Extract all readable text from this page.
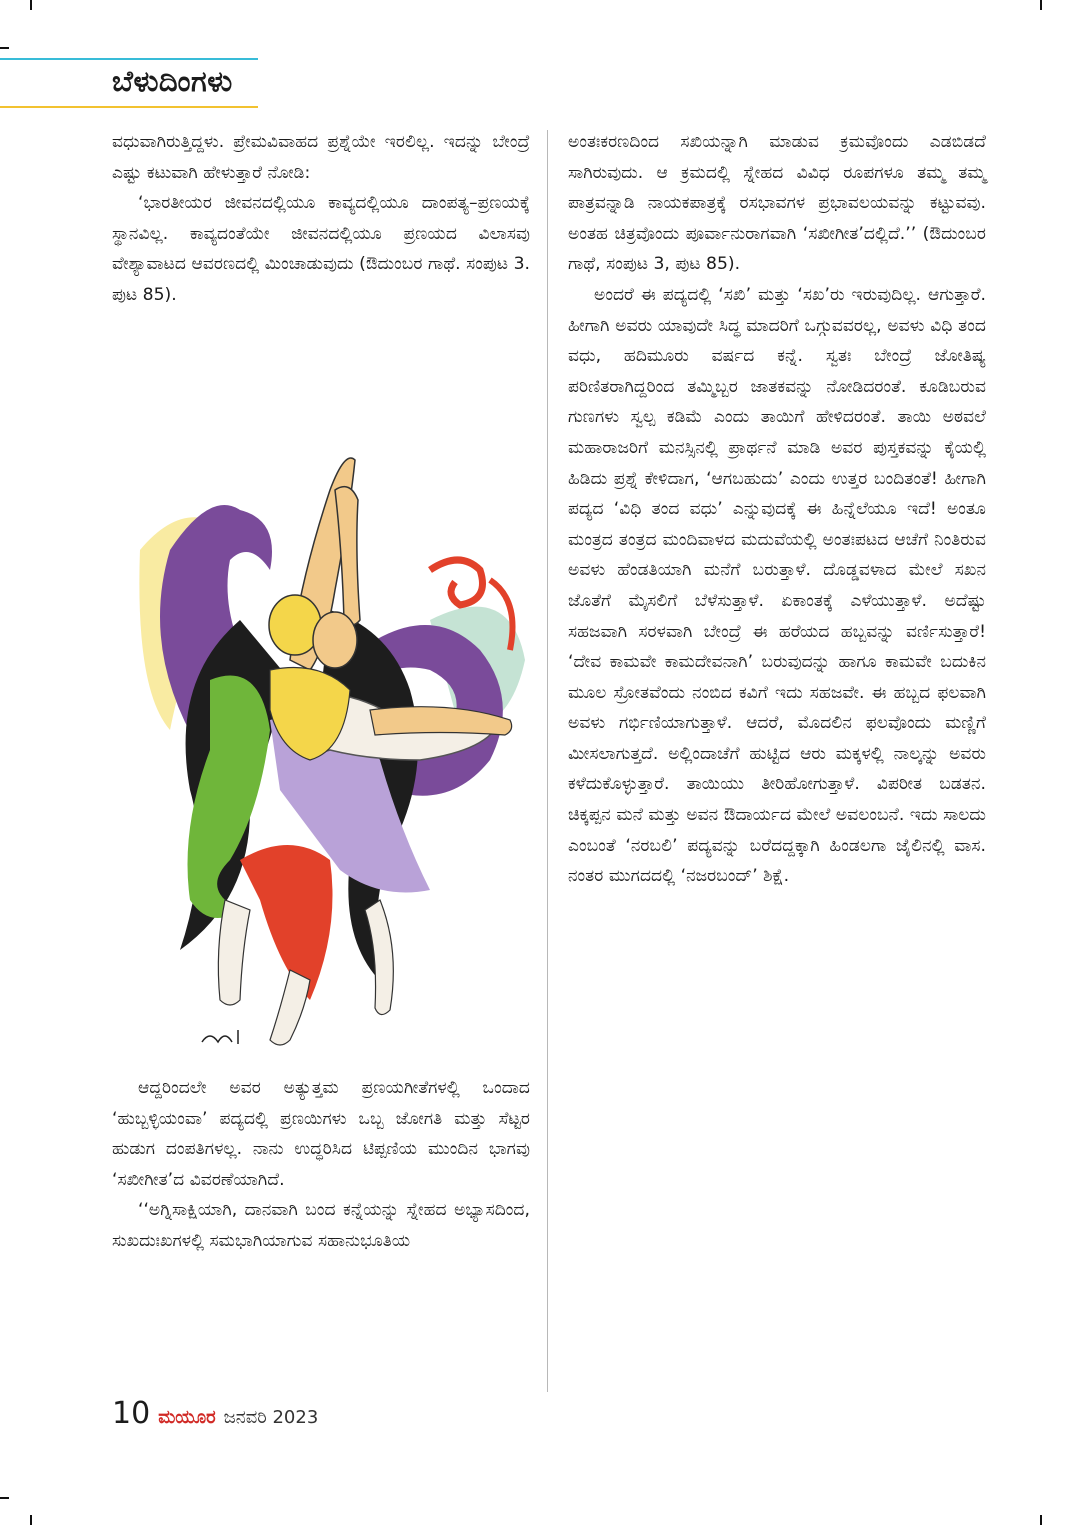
ಬೆಳುದಿಂಗಳು

ವಧುವಾಗಿರುತ್ತಿದ್ದಳು. ಪ್ರೇಮವಿವಾಹದ ಪ್ರಶ್ನೆಯೇ ಇರಲಿಲ್ಲ. ಇದನ್ನು ಬೇಂದ್ರೆ ಎಷ್ಟು ಕಟುವಾಗಿ ಹೇಳುತ್ತಾರೆ ನೋಡಿ:

‘ಭಾರತೀಯರ ಜೀವನದಲ್ಲಿಯೂ ಕಾವ್ಯದಲ್ಲಿಯೂ ದಾಂಪತ್ಯ–ಪ್ರಣಯಕ್ಕೆ ಸ್ಥಾನವಿಲ್ಲ. ಕಾವ್ಯದಂತೆಯೇ ಜೀವನದಲ್ಲಿಯೂ ಪ್ರಣಯದ ವಿಲಾಸವು ವೇಶ್ಯಾವಾಟದ ಆವರಣದಲ್ಲಿ ಮಿಂಚಾಡುವುದು (ಔದುಂಬರ ಗಾಥೆ. ಸಂಪುಟ 3. ಪುಟ 85).

ಆದ್ದರಿಂದಲೇ ಅವರ ಅತ್ಯುತ್ತಮ ಪ್ರಣಯಗೀತೆಗಳಲ್ಲಿ ಒಂದಾದ ‘ಹುಬ್ಬಳ್ಳಿಯಂವಾ’ ಪದ್ಯದಲ್ಲಿ ಪ್ರಣಯಿಗಳು ಒಬ್ಬ ಜೋಗತಿ ಮತ್ತು ಸೆಟ್ಟರ ಹುಡುಗ ದಂಪತಿಗಳಲ್ಲ. ನಾನು ಉದ್ಧರಿಸಿದ ಟಿಪ್ಪಣಿಯ ಮುಂದಿನ ಭಾಗವು ‘ಸಖೀಗೀತ’ದ ವಿವರಣೆಯಾಗಿದೆ.

‘‘ಅಗ್ನಿಸಾಕ್ಷಿಯಾಗಿ, ದಾನವಾಗಿ ಬಂದ ಕನ್ನೆಯನ್ನು ಸ್ನೇಹದ ಅಭ್ಯಾಸದಿಂದ, ಸುಖದುಃಖಗಳಲ್ಲಿ ಸಮಭಾಗಿಯಾಗುವ ಸಹಾನುಭೂತಿಯ

ಅಂತಃಕರಣದಿಂದ ಸಖಿಯನ್ನಾಗಿ ಮಾಡುವ ಕ್ರಮವೊಂದು ಎಡಬಿಡದೆ ಸಾಗಿರುವುದು. ಆ ಕ್ರಮದಲ್ಲಿ ಸ್ನೇಹದ ವಿವಿಧ ರೂಪಗಳೂ ತಮ್ಮ ತಮ್ಮ ಪಾತ್ರವನ್ನಾಡಿ ನಾಯಕಪಾತ್ರಕ್ಕೆ ರಸಭಾವಗಳ ಪ್ರಭಾವಲಯವನ್ನು ಕಟ್ಟುವವು. ಅಂತಹ ಚಿತ್ರವೊಂದು ಪೂರ್ವಾನುರಾಗವಾಗಿ ‘ಸಖೀಗೀತ’ದಲ್ಲಿದೆ.’’ (ಔದುಂಬರ ಗಾಥೆ, ಸಂಪುಟ 3, ಪುಟ 85).

ಅಂದರೆ ಈ ಪದ್ಯದಲ್ಲಿ ‘ಸಖಿ’ ಮತ್ತು ‘ಸಖ’ರು ಇರುವುದಿಲ್ಲ. ಆಗುತ್ತಾರೆ. ಹೀಗಾಗಿ ಅವರು ಯಾವುದೇ ಸಿದ್ಧ ಮಾದರಿಗೆ ಒಗ್ಗುವವರಲ್ಲ, ಅವಳು ವಿಧಿ ತಂದ ವಧು, ಹದಿಮೂರು ವರ್ಷದ ಕನ್ನೆ. ಸ್ವತಃ ಬೇಂದ್ರೆ ಜೋತಿಷ್ಯ ಪರಿಣಿತರಾಗಿದ್ದರಿಂದ ತಮ್ಮಿಬ್ಬರ ಜಾತಕವನ್ನು ನೋಡಿದರಂತೆ. ಕೂಡಿಬರುವ ಗುಣಗಳು ಸ್ವಲ್ಪ ಕಡಿಮೆ ಎಂದು ತಾಯಿಗೆ ಹೇಳಿದರಂತೆ. ತಾಯಿ ಅಠವಲೆ ಮಹಾರಾಜರಿಗೆ ಮನಸ್ಸಿನಲ್ಲಿ ಪ್ರಾರ್ಥನೆ ಮಾಡಿ ಅವರ ಪುಸ್ತಕವನ್ನು ಕೈಯಲ್ಲಿ ಹಿಡಿದು ಪ್ರಶ್ನೆ ಕೇಳಿದಾಗ, ‘ಆಗಬಹುದು’ ಎಂದು ಉತ್ತರ ಬಂದಿತಂತೆ! ಹೀಗಾಗಿ ಪದ್ಯದ ‘ವಿಧಿ ತಂದ ವಧು’ ಎನ್ನುವುದಕ್ಕೆ ಈ ಹಿನ್ನೆಲೆಯೂ ಇದೆ! ಅಂತೂ ಮಂತ್ರದ ತಂತ್ರದ ಮಂದಿವಾಳದ ಮದುವೆಯಲ್ಲಿ ಅಂತಃಪಟದ ಆಚೆಗೆ ನಿಂತಿರುವ ಅವಳು ಹೆಂಡತಿಯಾಗಿ ಮನೆಗೆ ಬರುತ್ತಾಳೆ. ದೊಡ್ಡವಳಾದ ಮೇಲೆ ಸಖನ ಜೊತೆಗೆ ಮೈಸಲಿಗೆ ಬೆಳೆಸುತ್ತಾಳೆ. ಏಕಾಂತಕ್ಕೆ ಎಳೆಯುತ್ತಾಳೆ. ಅದೆಷ್ಟು ಸಹಜವಾಗಿ ಸರಳವಾಗಿ ಬೇಂದ್ರೆ ಈ ಹರೆಯದ ಹಬ್ಬವನ್ನು ವರ್ಣಿಸುತ್ತಾರೆ! ‘ದೇವ ಕಾಮವೇ ಕಾಮದೇವನಾಗಿ’ ಬರುವುದನ್ನು ಹಾಗೂ ಕಾಮವೇ ಬದುಕಿನ ಮೂಲ ಸ್ರೋತವೆಂದು ನಂಬಿದ ಕವಿಗೆ ಇದು ಸಹಜವೇ. ಈ ಹಬ್ಬದ ಫಲವಾಗಿ ಅವಳು ಗರ್ಭಿಣಿಯಾಗುತ್ತಾಳೆ. ಆದರೆ, ಮೊದಲಿನ ಫಲವೊಂದು ಮಣ್ಣಿಗೆ ಮೀಸಲಾಗುತ್ತದೆ. ಅಲ್ಲಿಂದಾಚೆಗೆ ಹುಟ್ಟಿದ ಆರು ಮಕ್ಕಳಲ್ಲಿ ನಾಲ್ಕನ್ನು ಅವರು ಕಳೆದುಕೊಳ್ಳುತ್ತಾರೆ. ತಾಯಿಯು ತೀರಿಹೋಗುತ್ತಾಳೆ. ವಿಪರೀತ ಬಡತನ. ಚಿಕ್ಕಪ್ಪನ ಮನೆ ಮತ್ತು ಅವನ ಔದಾರ್ಯದ ಮೇಲೆ ಅವಲಂಬನೆ. ಇದು ಸಾಲದು ಎಂಬಂತೆ ‘ನರಬಲಿ’ ಪದ್ಯವನ್ನು ಬರೆದದ್ದಕ್ಕಾಗಿ ಹಿಂಡಲಗಾ ಜೈಲಿನಲ್ಲಿ ವಾಸ. ನಂತರ ಮುಗದದಲ್ಲಿ ‘ನಜರಬಂದ್’ ಶಿಕ್ಷೆ.

10 ಮಯೂರ ಜನವರಿ 2023
